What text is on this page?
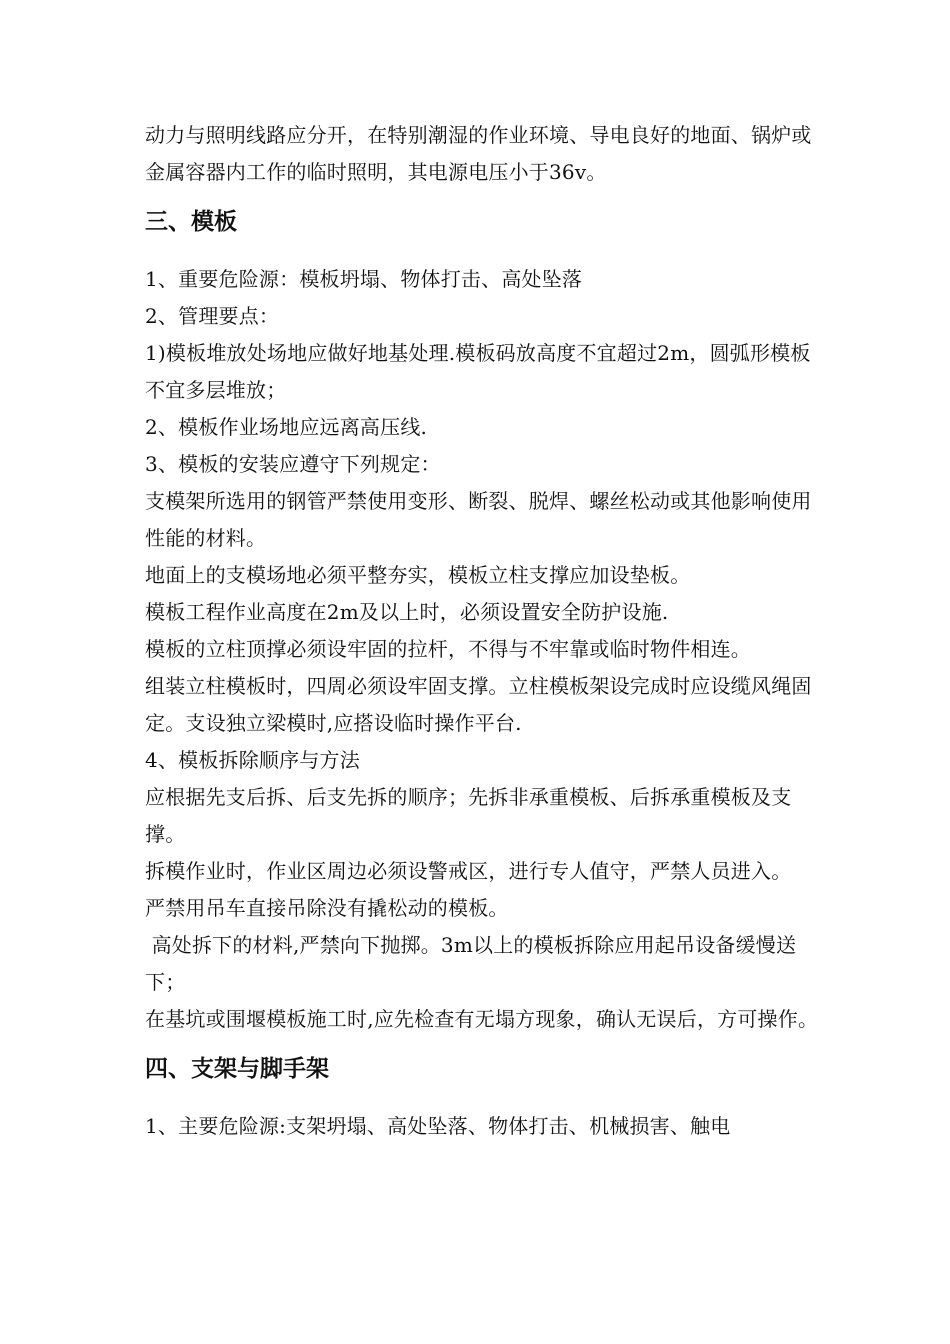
动力与照明线路应分开，在特别潮湿的作业环境、导电良好的地面、锅炉或金属容器内工作的临时照明，其电源电压小于36v。

三、模板

1、重要危险源：模板坍塌、物体打击、高处坠落

2、管理要点：

1)模板堆放处场地应做好地基处理.模板码放高度不宜超过2m，圆弧形模板不宜多层堆放；

2、模板作业场地应远离高压线.

3、模板的安装应遵守下列规定：

支模架所选用的钢管严禁使用变形、断裂、脱焊、螺丝松动或其他影响使用性能的材料。

地面上的支模场地必须平整夯实，模板立柱支撑应加设垫板。

模板工程作业高度在2m及以上时，必须设置安全防护设施.

模板的立柱顶撑必须设牢固的拉杆，不得与不牢靠或临时物件相连。

组装立柱模板时，四周必须设牢固支撑。立柱模板架设完成时应设缆风绳固定。支设独立梁模时,应搭设临时操作平台.

4、模板拆除顺序与方法

应根据先支后拆、后支先拆的顺序；先拆非承重模板、后拆承重模板及支撑。

拆模作业时，作业区周边必须设警戒区，进行专人值守，严禁人员进入。

严禁用吊车直接吊除没有撬松动的模板。

高处拆下的材料,严禁向下抛掷。3m以上的模板拆除应用起吊设备缓慢送下；

在基坑或围堰模板施工时,应先检查有无塌方现象，确认无误后，方可操作。

四、支架与脚手架

1、主要危险源:支架坍塌、高处坠落、物体打击、机械损害、触电
